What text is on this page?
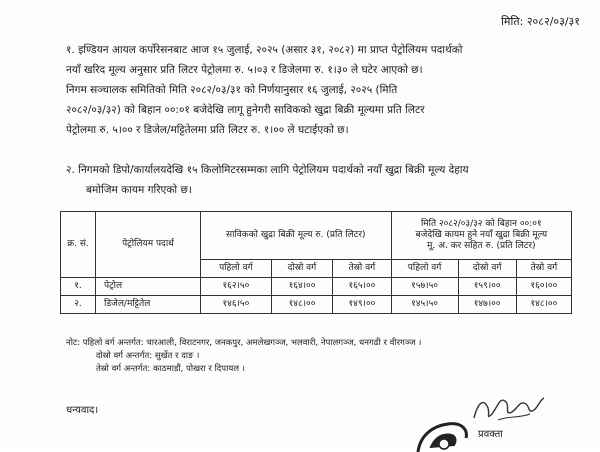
मिति: २०८२/०३/३१
१. इण्डियन आयल कर्पोरेसनबाट आज १५ जुलाई, २०२५ (असार ३१, २०८२) मा प्राप्त पेट्रोलियम पदार्थको
नयाँ खरिद मूल्य अनुसार प्रति लिटर पेट्रोलमा रु. ५।०३ र डिजेलमा रु. १।३० ले घटेर आएको छ।
निगम सञ्चालक समितिको मिति २०८२/०३/३१ को निर्णयानुसार १६ जुलाई, २०२५ (मिति
२०८२/०३/३२) को बिहान ००:०१ बजेदेखि लागू हुनेगरी साविकको खुद्रा बिक्री मूल्यमा प्रति लिटर
पेट्रोलमा रु. ५।०० र डिजेल/मट्टितेलमा प्रति लिटर रु. १।०० ले घटाईएको छ।
२. निगमको डिपो/कार्यालयदेखि १५ किलोमिटरसम्मका लागि पेट्रोलियम पदार्थको नयाँ खुद्रा बिक्री मूल्य देहाय
बमोजिम कायम गरिएको छ।
क्र. सं.	पेट्रोलियम पदार्थ	साविकको खुद्रा बिक्री मूल्य रु. (प्रति लिटर)			मिति २०८२/०३/३२ को बिहान ००:०१
बजेदेखि कायम हुने नयाँ खुद्रा बिक्री मूल्य
मू. अ. कर सहित रु. (प्रति लिटर)		

		पहिलो वर्ग	दोस्रो वर्ग	तेस्रो वर्ग	पहिलो वर्ग	दोस्रो वर्ग	तेस्रो वर्ग
१.	पेट्रोल	१६२।५०	१६४।००	१६५।००	१५७।५०	१५९।००	१६०।००
२.	डिजेल/मट्टितेल	१४६।५०	१४८।००	१४९।००	१४५।५०	१४७।००	१४८।००
नोट: पहिलो वर्ग अन्तर्गत: चारआली, विराटनगर, जनकपुर, अमलेखगञ्ज, भलवारी, नेपालगञ्ज, धनगढी र वीरगञ्ज ।
दोस्रो वर्ग अन्तर्गत: सुर्खेत र दाङ ।
तेस्रो वर्ग अन्तर्गत: काठमाडौं, पोखरा र दिपायल ।
धन्यवाद।
प्रवक्ता
